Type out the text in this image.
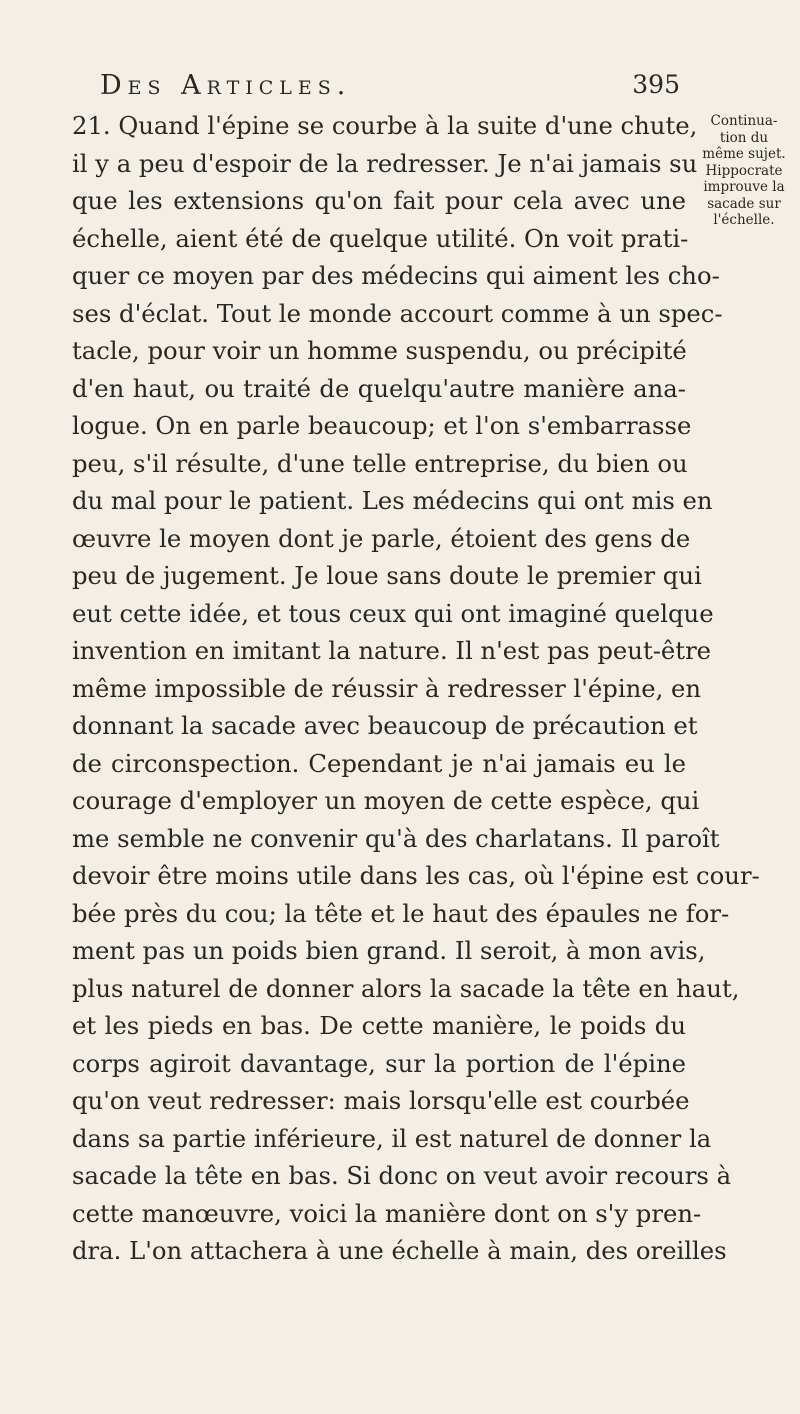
Des Articles.	395
21. Quand l'épine se courbe à la suite d'une chute,
il y a peu d'espoir de la redresser. Je n'ai jamais su
que les extensions qu'on fait pour cela avec une
échelle, aient été de quelque utilité. On voit prati-
quer ce moyen par des médecins qui aiment les cho-
ses d'éclat. Tout le monde accourt comme à un spec-
tacle, pour voir un homme suspendu, ou précipité
d'en haut, ou traité de quelqu'autre manière ana-
logue. On en parle beaucoup; et l'on s'embarrasse
peu, s'il résulte, d'une telle entreprise, du bien ou
du mal pour le patient. Les médecins qui ont mis en
œuvre le moyen dont je parle, étoient des gens de
peu de jugement. Je loue sans doute le premier qui
eut cette idée, et tous ceux qui ont imaginé quelque
invention en imitant la nature. Il n'est pas peut-être
même impossible de réussir à redresser l'épine, en
donnant la sacade avec beaucoup de précaution et
de circonspection. Cependant je n'ai jamais eu le
courage d'employer un moyen de cette espèce, qui
me semble ne convenir qu'à des charlatans. Il paroît
devoir être moins utile dans les cas, où l'épine est cour-
bée près du cou; la tête et le haut des épaules ne for-
ment pas un poids bien grand. Il seroit, à mon avis,
plus naturel de donner alors la sacade la tête en haut,
et les pieds en bas. De cette manière, le poids du
corps agiroit davantage, sur la portion de l'épine
qu'on veut redresser: mais lorsqu'elle est courbée
dans sa partie inférieure, il est naturel de donner la
sacade la tête en bas. Si donc on veut avoir recours à
cette manœuvre, voici la manière dont on s'y pren-
dra. L'on attachera à une échelle à main, des oreilles
Continua-
tion du
même sujet.
Hippocrate
improuve la
sacade sur
l'échelle.
